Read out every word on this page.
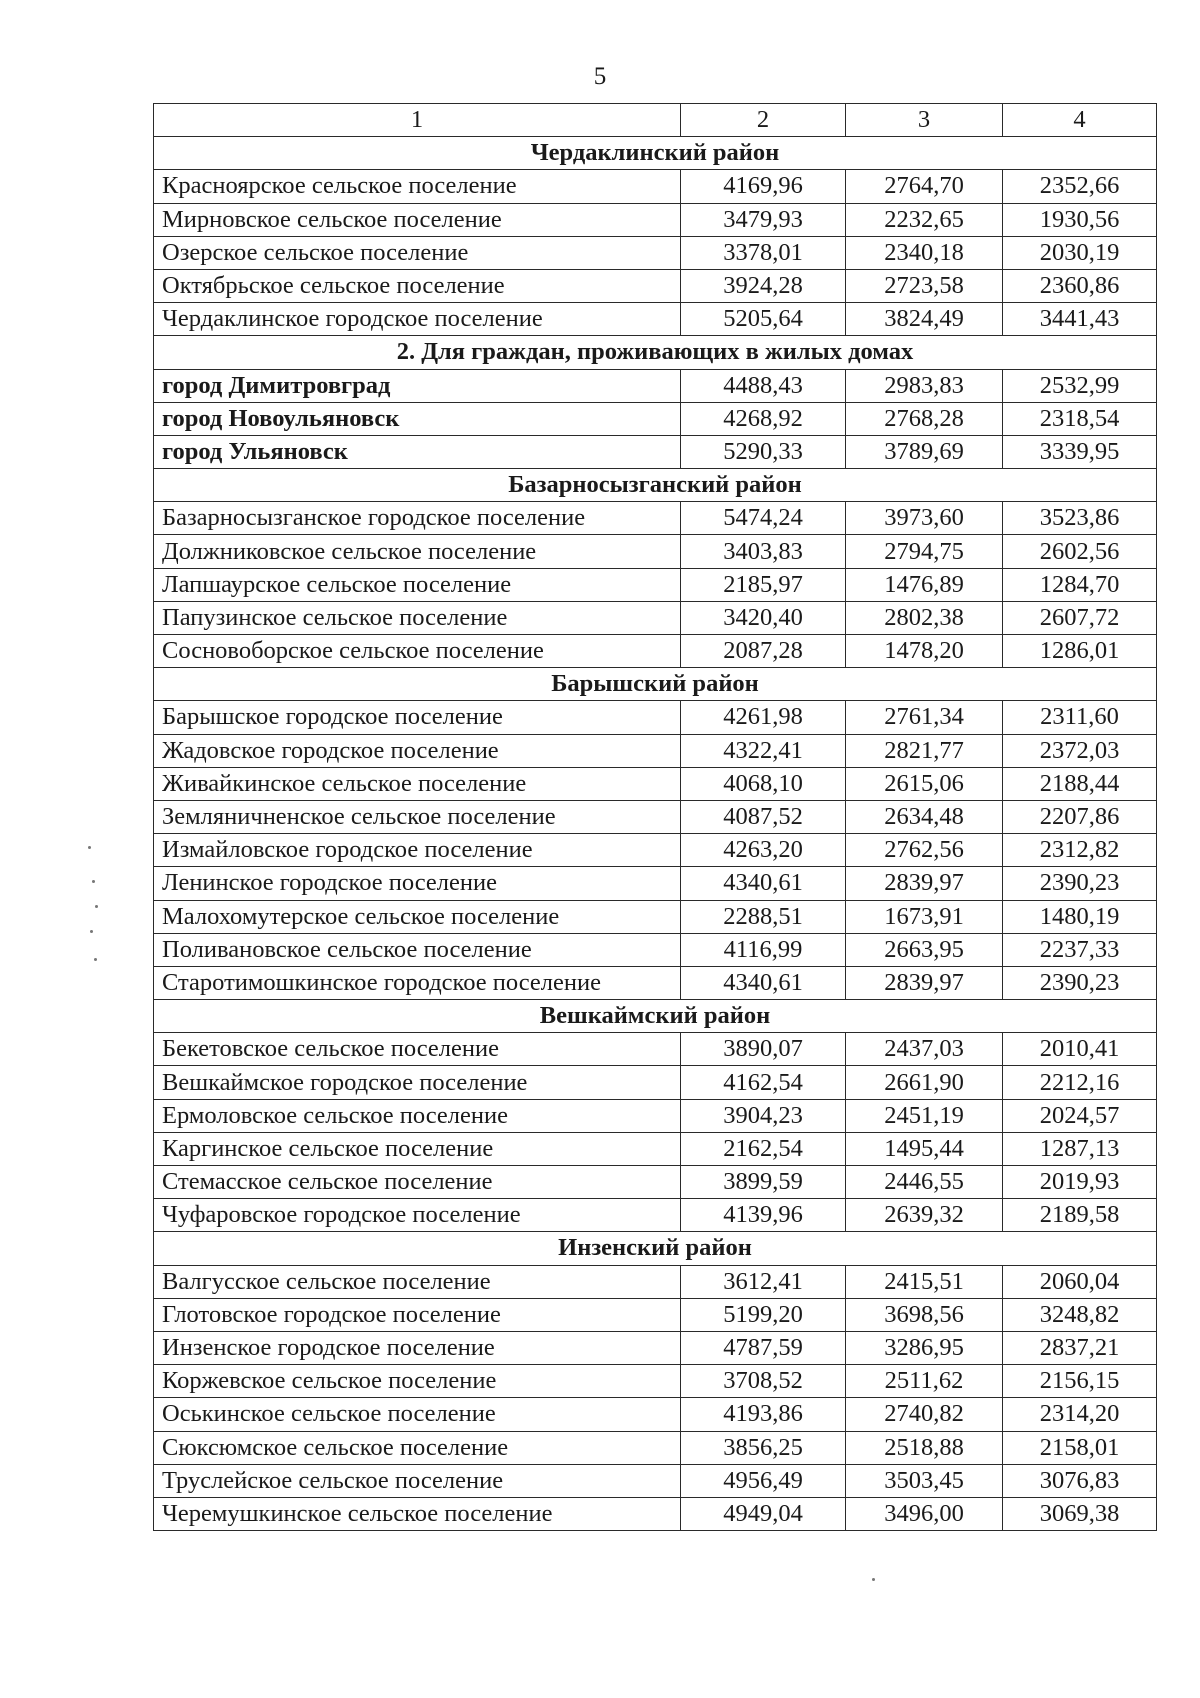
5
1	2	3	4
Чердаклинский район			
Красноярское сельское поселение	4169,96	2764,70	2352,66
Мирновское сельское поселение	3479,93	2232,65	1930,56
Озерское сельское поселение	3378,01	2340,18	2030,19
Октябрьское сельское поселение	3924,28	2723,58	2360,86
Чердаклинское городское поселение	5205,64	3824,49	3441,43
2. Для граждан, проживающих в жилых домах			
город Димитровград	4488,43	2983,83	2532,99
город Новоульяновск	4268,92	2768,28	2318,54
город Ульяновск	5290,33	3789,69	3339,95
Базарносызганский район			
Базарносызганское городское поселение	5474,24	3973,60	3523,86
Должниковское сельское поселение	3403,83	2794,75	2602,56
Лапшаурское сельское поселение	2185,97	1476,89	1284,70
Папузинское сельское поселение	3420,40	2802,38	2607,72
Сосновоборское сельское поселение	2087,28	1478,20	1286,01
Барышский район			
Барышское городское поселение	4261,98	2761,34	2311,60
Жадовское городское поселение	4322,41	2821,77	2372,03
Живайкинское сельское поселение	4068,10	2615,06	2188,44
Земляничненское сельское поселение	4087,52	2634,48	2207,86
Измайловское городское поселение	4263,20	2762,56	2312,82
Ленинское городское поселение	4340,61	2839,97	2390,23
Малохомутерское сельское поселение	2288,51	1673,91	1480,19
Поливановское сельское поселение	4116,99	2663,95	2237,33
Старотимошкинское городское поселение	4340,61	2839,97	2390,23
Вешкаймский район			
Бекетовское сельское поселение	3890,07	2437,03	2010,41
Вешкаймское городское поселение	4162,54	2661,90	2212,16
Ермоловское сельское поселение	3904,23	2451,19	2024,57
Каргинское сельское поселение	2162,54	1495,44	1287,13
Стемасское сельское поселение	3899,59	2446,55	2019,93
Чуфаровское городское поселение	4139,96	2639,32	2189,58
Инзенский район			
Валгусское сельское поселение	3612,41	2415,51	2060,04
Глотовское городское поселение	5199,20	3698,56	3248,82
Инзенское городское поселение	4787,59	3286,95	2837,21
Коржевское сельское поселение	3708,52	2511,62	2156,15
Оськинское сельское поселение	4193,86	2740,82	2314,20
Сюксюмское сельское поселение	3856,25	2518,88	2158,01
Труслейское сельское поселение	4956,49	3503,45	3076,83
Черемушкинское сельское поселение	4949,04	3496,00	3069,38
